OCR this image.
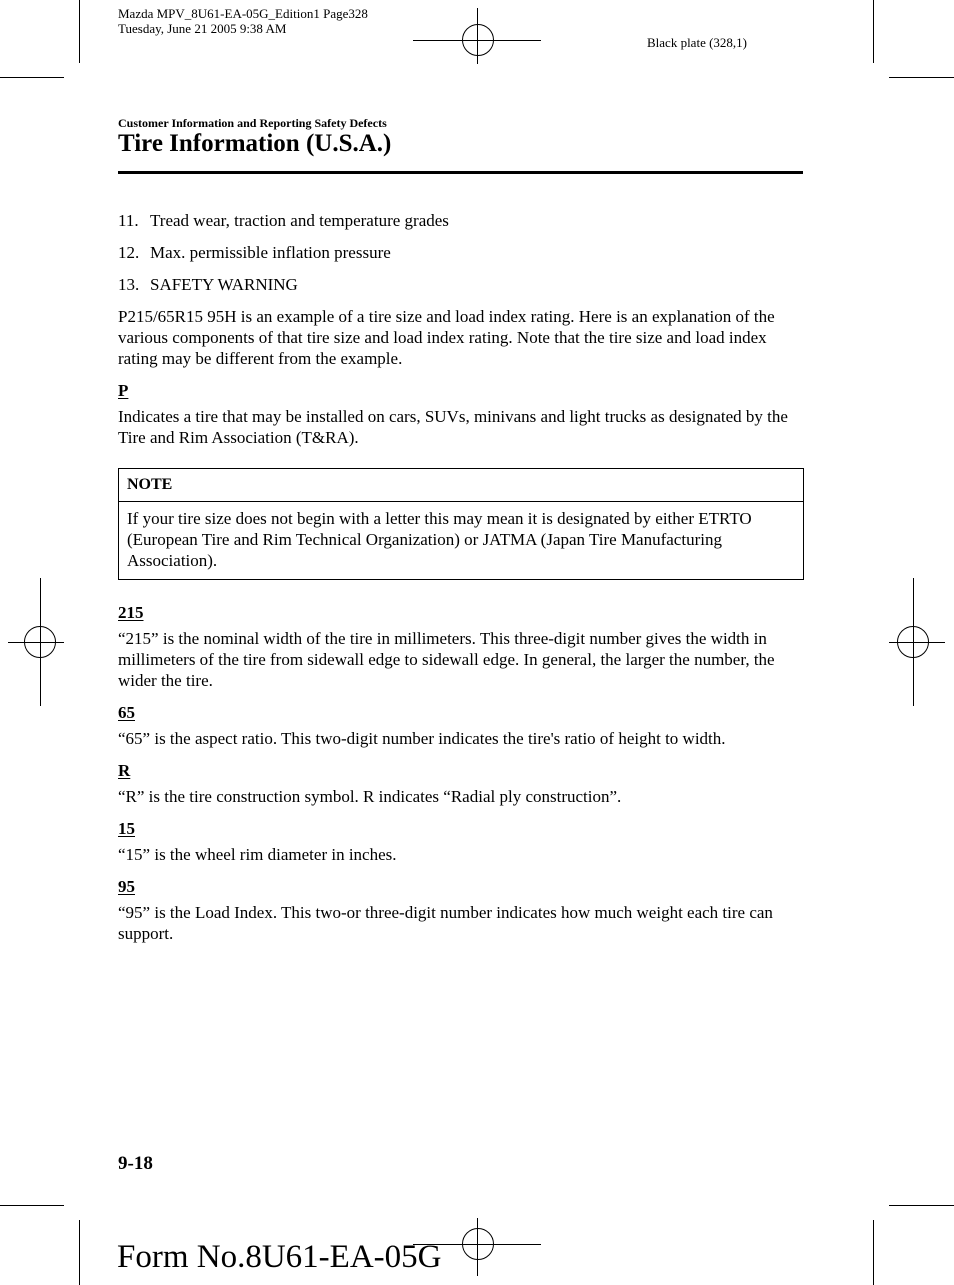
Mazda MPV_8U61-EA-05G_Edition1 Page328
Tuesday, June 21 2005 9:38 AM
Black plate (328,1)
Customer Information and Reporting Safety Defects
Tire Information (U.S.A.)
11. Tread wear, traction and temperature grades
12. Max. permissible inflation pressure
13. SAFETY WARNING

P215/65R15 95H is an example of a tire size and load index rating. Here is an explanation of the various components of that tire size and load index rating. Note that the tire size and load index rating may be different from the example.

P

Indicates a tire that may be installed on cars, SUVs, minivans and light trucks as designated by the Tire and Rim Association (T&RA).

NOTE
If your tire size does not begin with a letter this may mean it is designated by either ETRTO (European Tire and Rim Technical Organization) or JATMA (Japan Tire Manufacturing Association).
215

“215” is the nominal width of the tire in millimeters. This three-digit number gives the width in millimeters of the tire from sidewall edge to sidewall edge. In general, the larger the number, the wider the tire.

65

“65” is the aspect ratio. This two-digit number indicates the tire's ratio of height to width.

R

“R” is the tire construction symbol. R indicates “Radial ply construction”.

15

“15” is the wheel rim diameter in inches.

95

“95” is the Load Index. This two-or three-digit number indicates how much weight each tire can support.

9-18
Form No.8U61-EA-05G
